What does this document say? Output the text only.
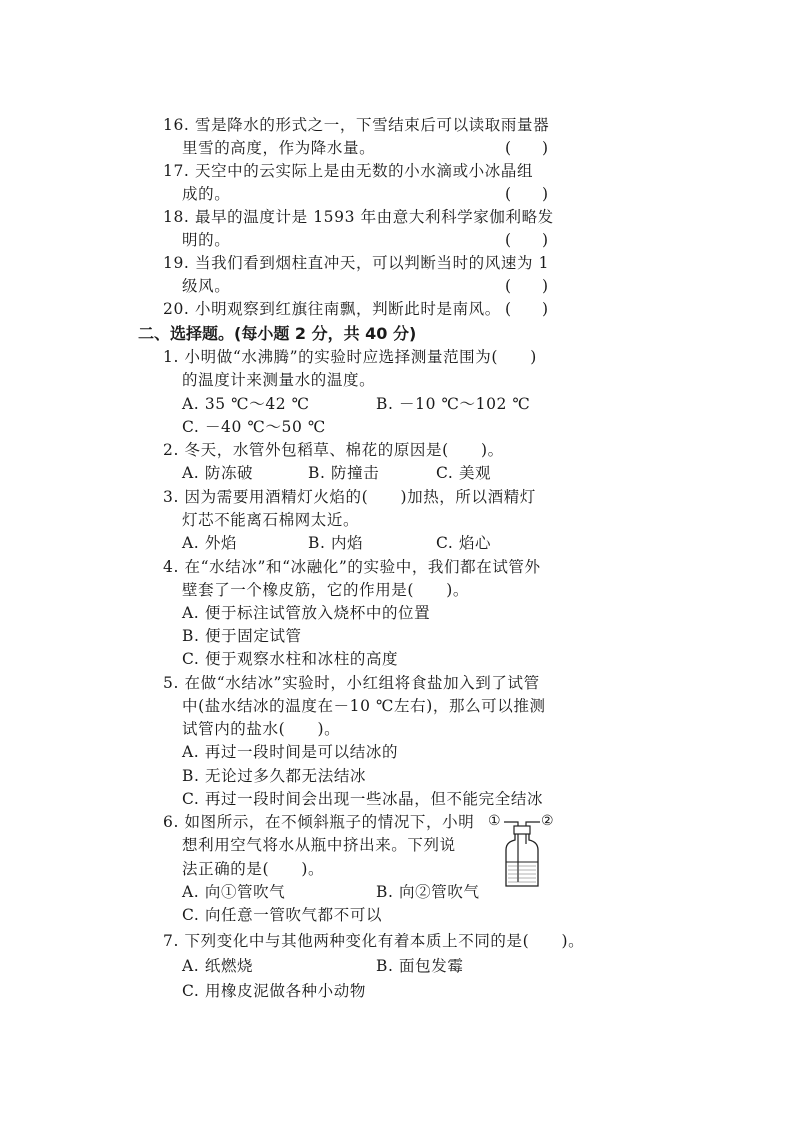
16. 雪是降水的形式之一，下雪结束后可以读取雨量器
里雪的高度，作为降水量。	(　　)
17. 天空中的云实际上是由无数的小水滴或小冰晶组
成的。	(　　)
18. 最早的温度计是 1593 年由意大利科学家伽利略发
明的。	(　　)
19. 当我们看到烟柱直冲天，可以判断当时的风速为 1
级风。	(　　)
20. 小明观察到红旗往南飘，判断此时是南风。 (　　)
二、选择题。(每小题 2 分，共 40 分)
1. 小明做“水沸腾”的实验时应选择测量范围为(　　)
的温度计来测量水的温度。
A. 35 ℃～42 ℃	B. －10 ℃～102 ℃
C. －40 ℃～50 ℃
2. 冬天，水管外包稻草、棉花的原因是(　　)。
A. 防冻破	B. 防撞击	C. 美观
3. 因为需要用酒精灯火焰的(　　)加热，所以酒精灯
灯芯不能离石棉网太近。
A. 外焰	B. 内焰	C. 焰心
4. 在“水结冰”和“冰融化”的实验中，我们都在试管外
壁套了一个橡皮筋，它的作用是(　　)。
A. 便于标注试管放入烧杯中的位置
B. 便于固定试管
C. 便于观察水柱和冰柱的高度
5. 在做“水结冰”实验时，小红组将食盐加入到了试管
中(盐水结冰的温度在－10 ℃左右)，那么可以推测
试管内的盐水(　　)。
A. 再过一段时间是可以结冰的
B. 无论过多久都无法结冰
C. 再过一段时间会出现一些冰晶，但不能完全结冰
6. 如图所示，在不倾斜瓶子的情况下，小明
想利用空气将水从瓶中挤出来。下列说
法正确的是(　　)。
A. 向①管吹气	B. 向②管吹气
C. 向任意一管吹气都不可以
①	②
7. 下列变化中与其他两种变化有着本质上不同的是(　　)。
A. 纸燃烧	B. 面包发霉
C. 用橡皮泥做各种小动物
